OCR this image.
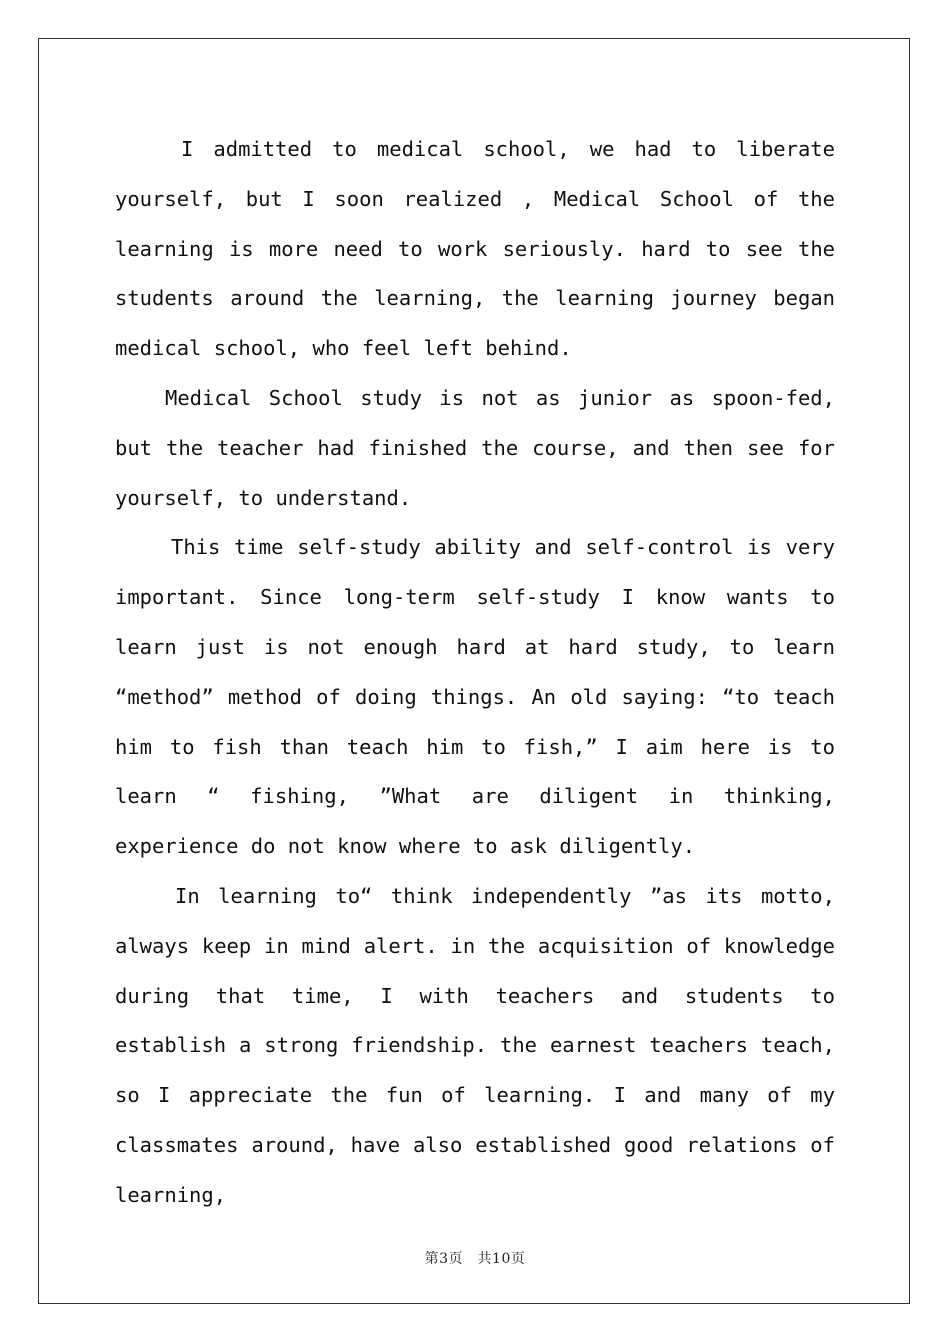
I admitted to medical school, we had to liberate yourself, but I soon realized , Medical School of the learning is more need to work seriously. hard to see the students around the learning, the learning journey began medical school, who feel left behind.

Medical School study is not as junior as spoon-fed, but the teacher had finished the course, and then see for yourself, to understand.

This time self-study ability and self-control is very important. Since long-term self-study I know wants to learn just is not enough hard at hard study, to learn “method” method of doing things. An old saying: “to teach him to fish than teach him to fish,” I aim here is to learn “ fishing, ”What are diligent in thinking, experience do not know where to ask diligently.

In learning to“ think independently ”as its motto, always keep in mind alert. in the acquisition of knowledge during that time, I with teachers and students to establish a strong friendship. the earnest teachers teach, so I appreciate the fun of learning. I and many of my classmates around, have also established good relations of learning,

第3页　共10页
